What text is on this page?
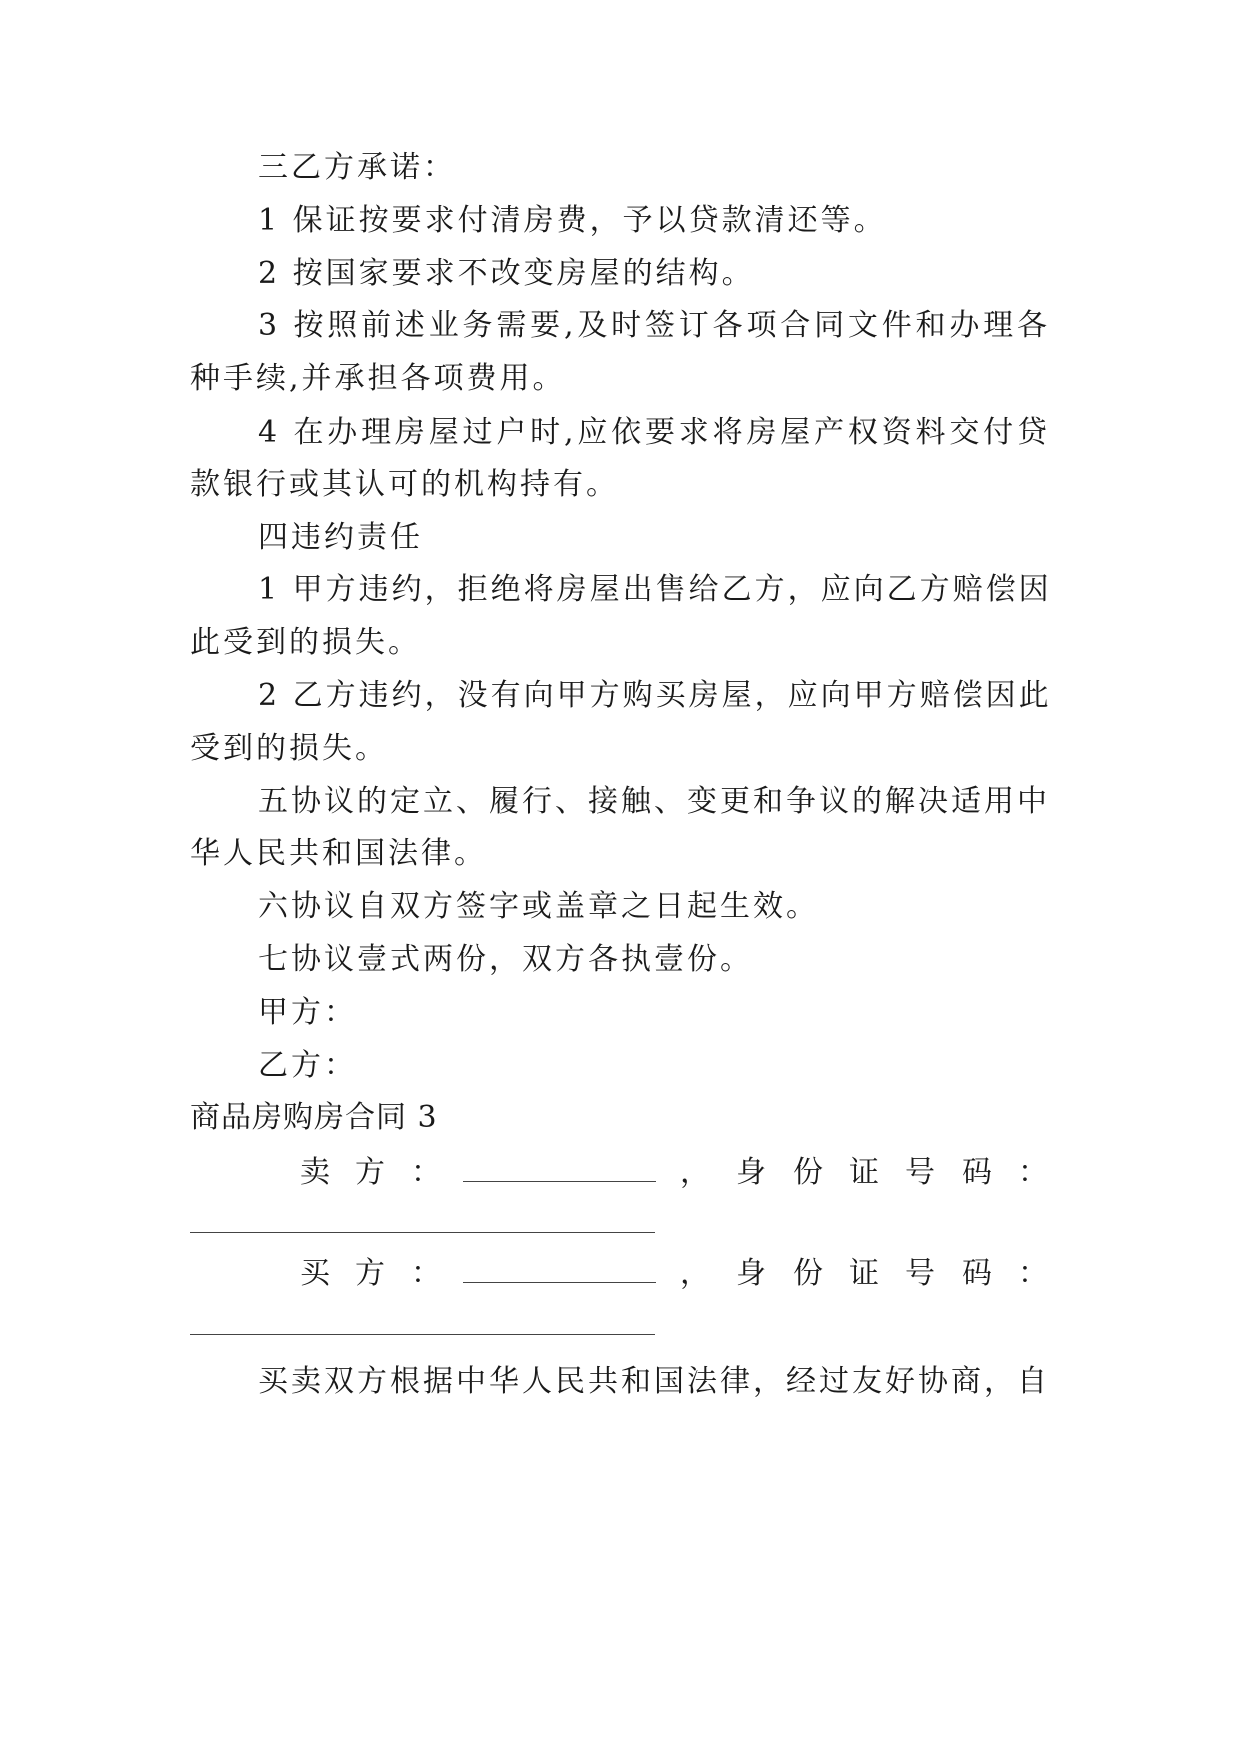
三乙方承诺：
1 保证按要求付清房费，予以贷款清还等。
2 按国家要求不改变房屋的结构。
3 按照前述业务需要,及时签订各项合同文件和办理各
种手续,并承担各项费用。
4 在办理房屋过户时,应依要求将房屋产权资料交付贷
款银行或其认可的机构持有。
四违约责任
1 甲方违约，拒绝将房屋出售给乙方，应向乙方赔偿因
此受到的损失。
2 乙方违约，没有向甲方购买房屋，应向甲方赔偿因此
受到的损失。
五协议的定立、履行、接触、变更和争议的解决适用中
华人民共和国法律。
六协议自双方签字或盖章之日起生效。
七协议壹式两份，双方各执壹份。
甲方：
乙方：
商品房购房合同 3
卖 方 ：	， 身 份 证 号 码 ：
买 方 ：	， 身 份 证 号 码 ：
买卖双方根据中华人民共和国法律，经过友好协商，自
